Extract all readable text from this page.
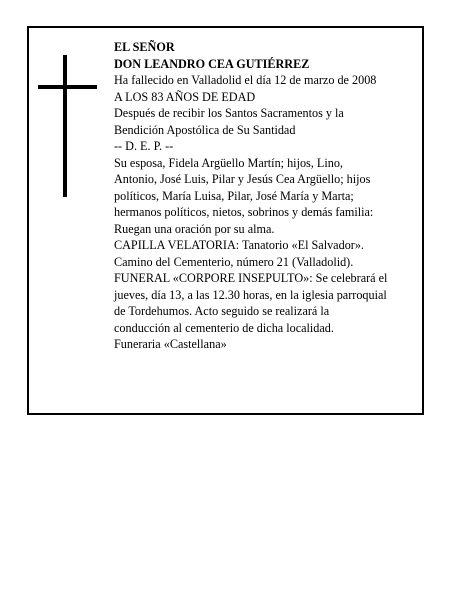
EL SEÑOR
DON LEANDRO CEA GUTIÉRREZ
Ha fallecido en Valladolid el día 12 de marzo de 2008
A LOS 83 AÑOS DE EDAD
Después de recibir los Santos Sacramentos y la
Bendición Apostólica de Su Santidad
-- D. E. P. --
Su esposa, Fidela Argüello Martín; hijos, Lino,
Antonio, José Luis, Pilar y Jesús Cea Argüello; hijos
políticos, María Luisa, Pilar, José María y Marta;
hermanos políticos, nietos, sobrinos y demás familia:
Ruegan una oración por su alma.
CAPILLA VELATORIA: Tanatorio «El Salvador».
Camino del Cementerio, número 21 (Valladolid).
FUNERAL «CORPORE INSEPULTO»: Se celebrará el
jueves, día 13, a las 12.30 horas, en la iglesia parroquial
de Tordehumos. Acto seguido se realizará la
conducción al cementerio de dicha localidad.
Funeraria «Castellana»
